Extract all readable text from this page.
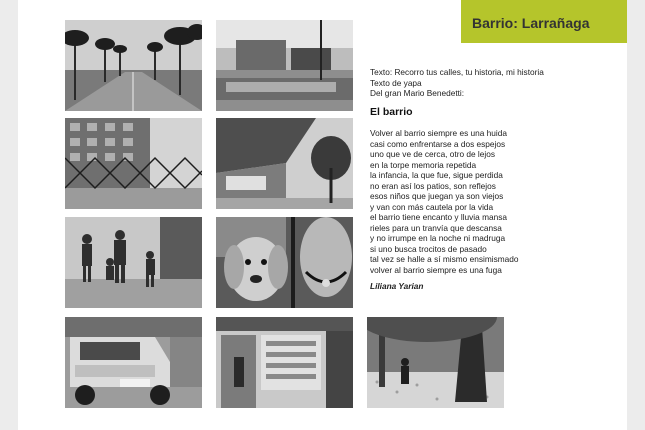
Barrio: Larrañaga
Texto: Recorro tus calles, tu historia, mi historia
Texto de yapa
Del gran Mario Benedetti:
El barrio
Volver al barrio siempre es una huida
casi como enfrentarse a dos espejos
uno que ve de cerca, otro de lejos
en la torpe memoria repetida
la infancia, la que fue, sigue perdida
no eran así los patios, son reflejos
esos niños que juegan ya son viejos
y van con más cautela por la vida
el barrio tiene encanto y lluvia mansa
rieles para un tranvía que descansa
y no irrumpe en la noche ni madruga
si uno busca trocitos de pasado
tal vez se halle a sí mismo ensimismado
volver al barrio siempre es una fuga
Liliana Yarian
